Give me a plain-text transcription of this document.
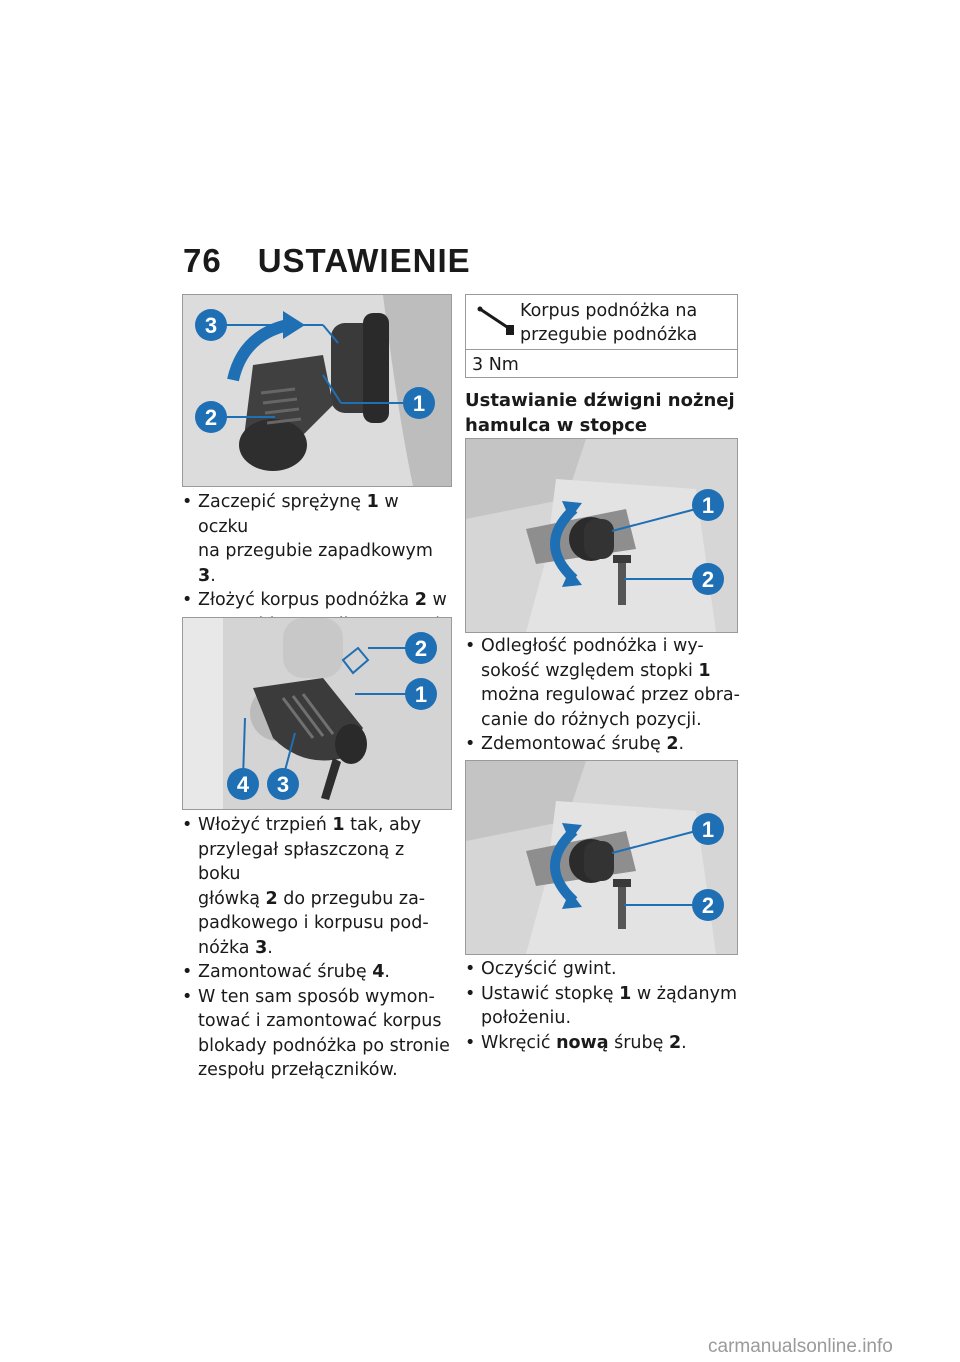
76 USTAWIENIE
3
2
1
• Zaczepić sprężynę 1 w oczku
na przegubie zapadkowym 3.
• Złożyć korpus podnóżka 2 w

2
1
4 3
• Włożyć trzpień 1 tak, aby
przylegał spłaszczoną z boku
główką 2 do przegubu za-
padkowego i korpusu pod-
nóżka 3.
• Zamontować śrubę 4.
• W ten sam sposób wymon-
tować i zamontować korpus
blokady podnóżka po stronie
zespołu przełączników.
Korpus podnóżka na
przegubie podnóżka
3 Nm
Ustawianie dźwigni nożnej
hamulca w stopce
1
2
• Odległość podnóżka i wy-
sokość względem stopki 1
można regulować przez obra-
canie do różnych pozycji.
• Zdemontować śrubę 2.
1
2
• Oczyścić gwint.
• Ustawić stopkę 1 w żądanym
położeniu.
• Wkręcić nową śrubę 2.
carmanualsonline.info
